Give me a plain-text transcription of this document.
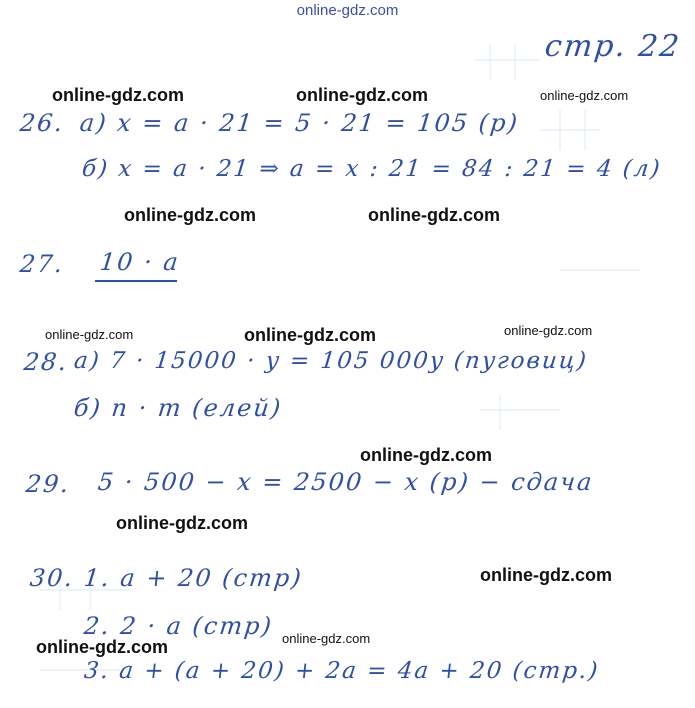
online-gdz.com
стр. 22
online-gdz.com	online-gdz.com	online-gdz.com
online-gdz.com	online-gdz.com
online-gdz.com	online-gdz.com	online-gdz.com
online-gdz.com
online-gdz.com
online-gdz.com
online-gdz.com	online-gdz.com
26. а) x = a · 21 = 5 · 21 = 105 (р)
б) x = a · 21 ⇒ a = x : 21 = 84 : 21 = 4 (л)
27. 10 · a
28. а) 7 · 15000 · y = 105 000y (пуговиц)
б) n · m (елей)
29. 5 · 500 − x = 2500 − x (р) − сдача
30. 1. a + 20 (стр)
2. 2 · a (стр)
3. a + (a + 20) + 2a = 4a + 20 (стр.)
